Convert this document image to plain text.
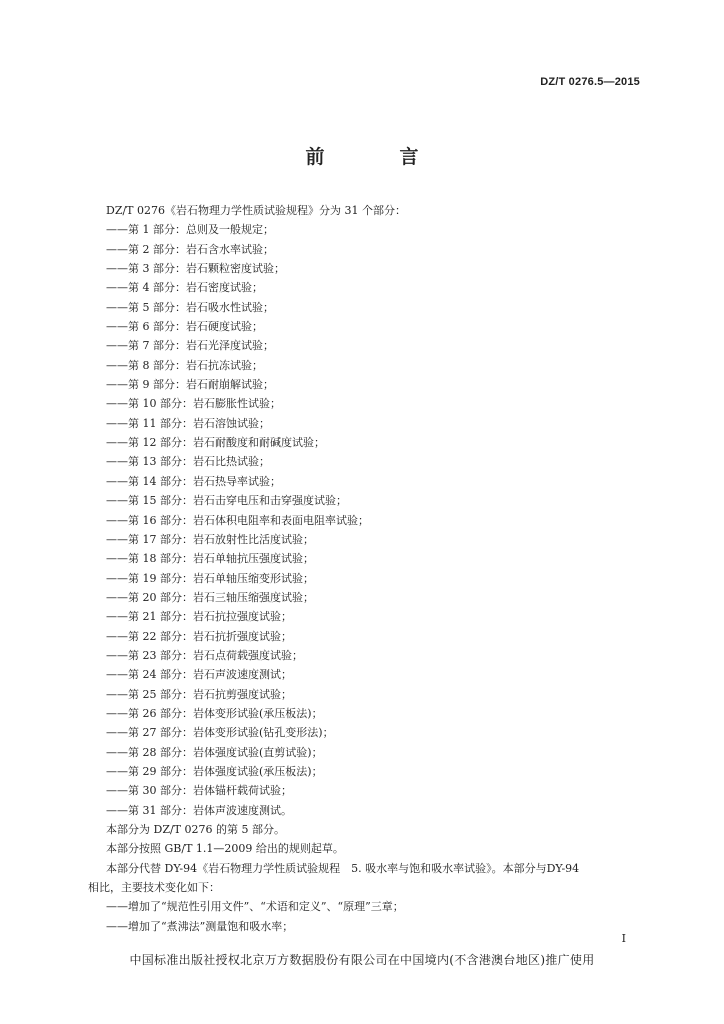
DZ/T 0276.5—2015
前　言

DZ/T 0276《岩石物理力学性质试验规程》分为 31 个部分：

——第 1 部分：总则及一般规定；

——第 2 部分：岩石含水率试验；

——第 3 部分：岩石颗粒密度试验；

——第 4 部分：岩石密度试验；

——第 5 部分：岩石吸水性试验；

——第 6 部分：岩石硬度试验；

——第 7 部分：岩石光泽度试验；

——第 8 部分：岩石抗冻试验；

——第 9 部分：岩石耐崩解试验；

——第 10 部分：岩石膨胀性试验；

——第 11 部分：岩石溶蚀试验；

——第 12 部分：岩石耐酸度和耐碱度试验；

——第 13 部分：岩石比热试验；

——第 14 部分：岩石热导率试验；

——第 15 部分：岩石击穿电压和击穿强度试验；

——第 16 部分：岩石体积电阻率和表面电阻率试验；

——第 17 部分：岩石放射性比活度试验；

——第 18 部分：岩石单轴抗压强度试验；

——第 19 部分：岩石单轴压缩变形试验；

——第 20 部分：岩石三轴压缩强度试验；

——第 21 部分：岩石抗拉强度试验；

——第 22 部分：岩石抗折强度试验；

——第 23 部分：岩石点荷载强度试验；

——第 24 部分：岩石声波速度测试；

——第 25 部分：岩石抗剪强度试验；

——第 26 部分：岩体变形试验(承压板法)；

——第 27 部分：岩体变形试验(钻孔变形法)；

——第 28 部分：岩体强度试验(直剪试验)；

——第 29 部分：岩体强度试验(承压板法)；

——第 30 部分：岩体锚杆载荷试验；

——第 31 部分：岩体声波速度测试。

本部分为 DZ/T 0276 的第 5 部分。

本部分按照 GB/T 1.1—2009 给出的规则起草。

本部分代替 DY-94《岩石物理力学性质试验规程　5. 吸水率与饱和吸水率试验》。本部分与DY-94

相比，主要技术变化如下：

——增加了“规范性引用文件”、“术语和定义”、“原理”三章；

——增加了“煮沸法”测量饱和吸水率；

I
中国标准出版社授权北京万方数据股份有限公司在中国境内(不含港澳台地区)推广使用
